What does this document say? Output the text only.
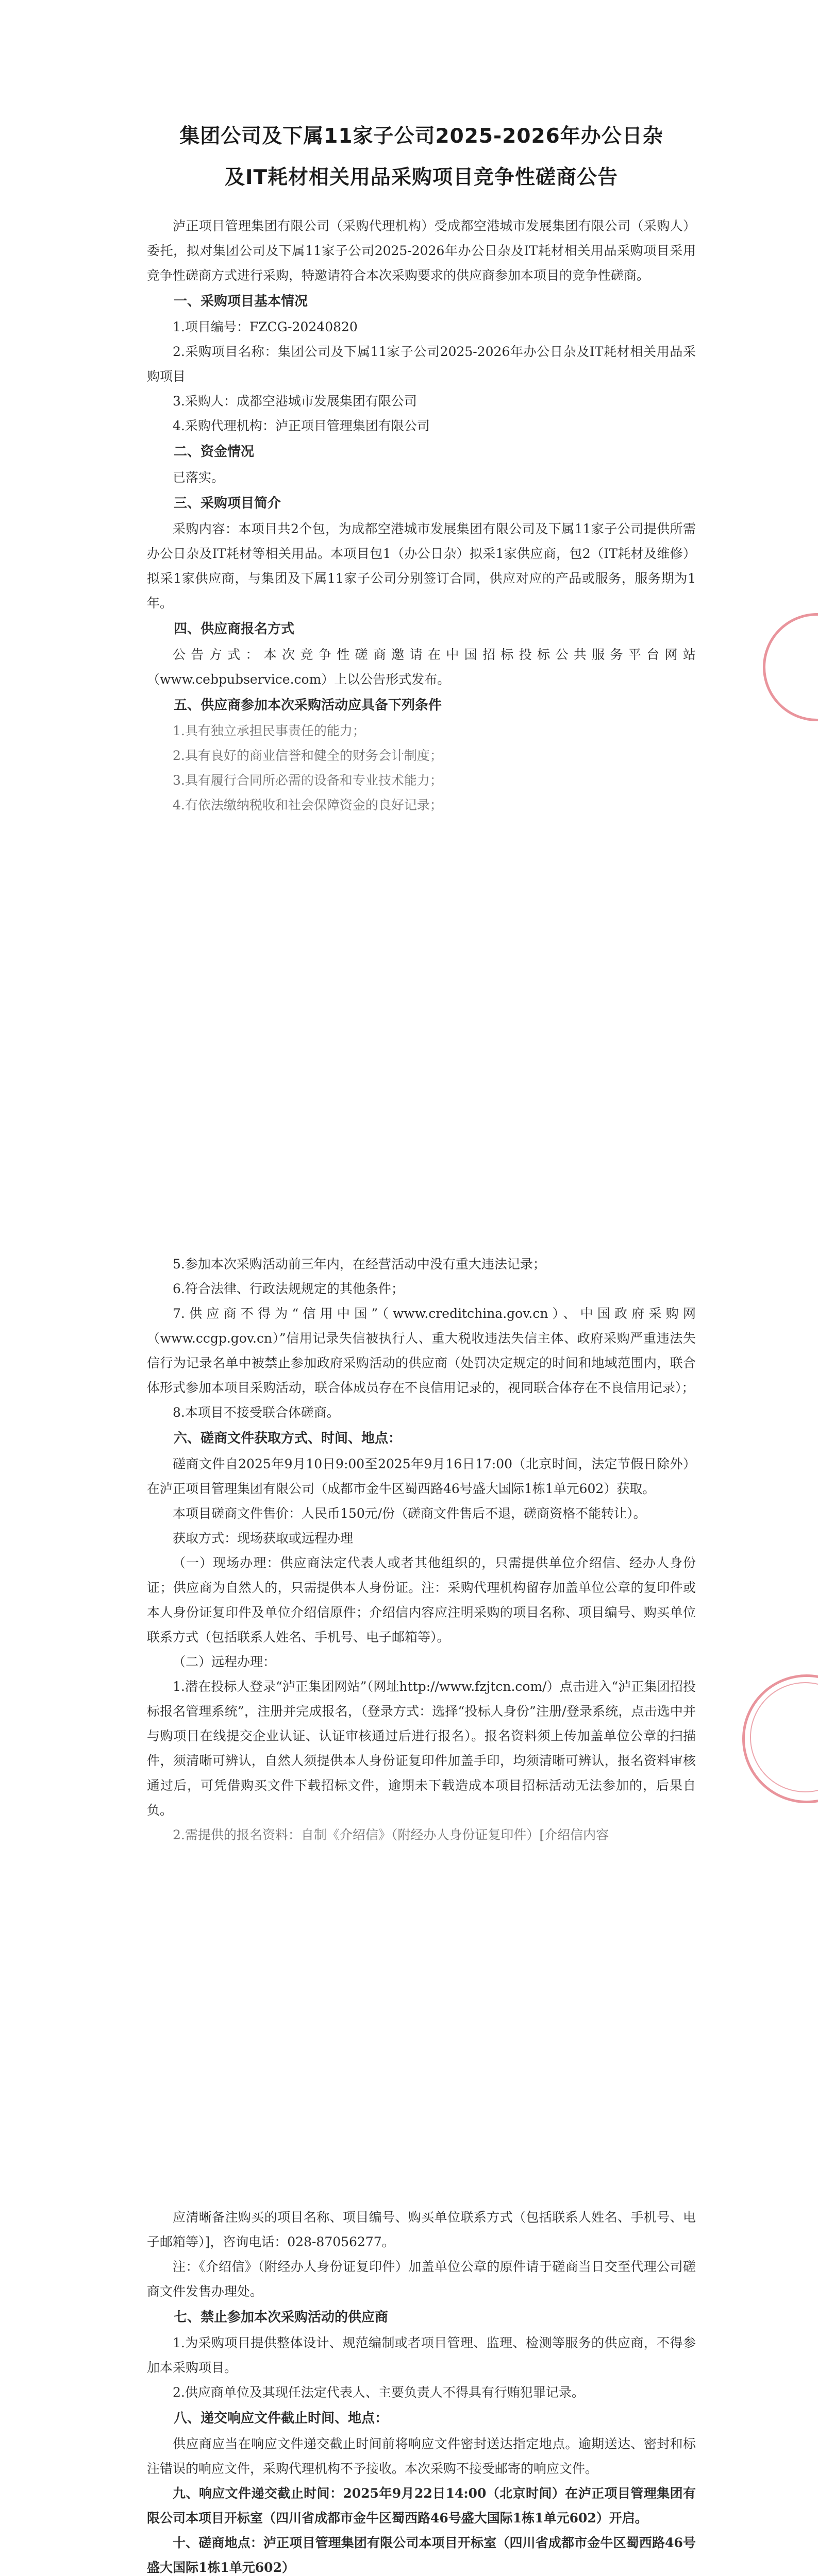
集团公司及下属11家子公司2025-2026年办公日杂

及IT耗材相关用品采购项目竞争性磋商公告

泸正项目管理集团有限公司（采购代理机构）受成都空港城市发展集团有限公司（采购人）委托，拟对集团公司及下属11家子公司2025-2026年办公日杂及IT耗材相关用品采购项目采用竞争性磋商方式进行采购，特邀请符合本次采购要求的供应商参加本项目的竞争性磋商。

一、采购项目基本情况

1.项目编号：FZCG-20240820

2.采购项目名称：集团公司及下属11家子公司2025-2026年办公日杂及IT耗材相关用品采购项目

3.采购人：成都空港城市发展集团有限公司

4.采购代理机构：泸正项目管理集团有限公司

二、资金情况

已落实。

三、采购项目简介

采购内容：本项目共2个包，为成都空港城市发展集团有限公司及下属11家子公司提供所需办公日杂及IT耗材等相关用品。本项目包1（办公日杂）拟采1家供应商，包2（IT耗材及维修）拟采1家供应商，与集团及下属11家子公司分别签订合同，供应对应的产品或服务，服务期为1年。

四、供应商报名方式

公告方式：本次竞争性磋商邀请在中国招标投标公共服务平台网站（www.cebpubservice.com）上以公告形式发布。

五、供应商参加本次采购活动应具备下列条件

1.具有独立承担民事责任的能力；

2.具有良好的商业信誉和健全的财务会计制度；

3.具有履行合同所必需的设备和专业技术能力；

4.有依法缴纳税收和社会保障资金的良好记录；

5.参加本次采购活动前三年内，在经营活动中没有重大违法记录；

6.符合法律、行政法规规定的其他条件；

7.供应商不得为“信用中国”（www.creditchina.gov.cn）、中国政府采购网（www.ccgp.gov.cn）”信用记录失信被执行人、重大税收违法失信主体、政府采购严重违法失信行为记录名单中被禁止参加政府采购活动的供应商（处罚决定规定的时间和地域范围内，联合体形式参加本项目采购活动，联合体成员存在不良信用记录的，视同联合体存在不良信用记录）；

8.本项目不接受联合体磋商。

六、磋商文件获取方式、时间、地点：

磋商文件自2025年9月10日9:00至2025年9月16日17:00（北京时间，法定节假日除外）在泸正项目管理集团有限公司（成都市金牛区蜀西路46号盛大国际1栋1单元602）获取。

本项目磋商文件售价：人民币150元/份（磋商文件售后不退，磋商资格不能转让）。

获取方式：现场获取或远程办理

（一）现场办理：供应商法定代表人或者其他组织的，只需提供单位介绍信、经办人身份证；供应商为自然人的，只需提供本人身份证。注：采购代理机构留存加盖单位公章的复印件或本人身份证复印件及单位介绍信原件；介绍信内容应注明采购的项目名称、项目编号、购买单位联系方式（包括联系人姓名、手机号、电子邮箱等）。

（二）远程办理：

1.潜在投标人登录“泸正集团网站”（网址http://www.fzjtcn.com/）点击进入“泸正集团招投标报名管理系统”，注册并完成报名，（登录方式：选择“投标人身份”注册/登录系统，点击选中并与购项目在线提交企业认证、认证审核通过后进行报名）。报名资料须上传加盖单位公章的扫描件，须清晰可辨认，自然人须提供本人身份证复印件加盖手印，均须清晰可辨认，报名资料审核通过后，可凭借购买文件下载招标文件，逾期未下载造成本项目招标活动无法参加的，后果自负。

2.需提供的报名资料：自制《介绍信》（附经办人身份证复印件）[介绍信内容

应清晰备注购买的项目名称、项目编号、购买单位联系方式（包括联系人姓名、手机号、电子邮箱等）]，咨询电话：028-87056277。

注：《介绍信》（附经办人身份证复印件）加盖单位公章的原件请于磋商当日交至代理公司磋商文件发售办理处。

七、禁止参加本次采购活动的供应商

1.为采购项目提供整体设计、规范编制或者项目管理、监理、检测等服务的供应商，不得参加本采购项目。

2.供应商单位及其现任法定代表人、主要负责人不得具有行贿犯罪记录。

八、递交响应文件截止时间、地点：

供应商应当在响应文件递交截止时间前将响应文件密封送达指定地点。逾期送达、密封和标注错误的响应文件，采购代理机构不予接收。本次采购不接受邮寄的响应文件。

九、响应文件递交截止时间：2025年9月22日14:00（北京时间）在泸正项目管理集团有限公司本项目开标室（四川省成都市金牛区蜀西路46号盛大国际1栋1单元602）开启。

十、磋商地点：泸正项目管理集团有限公司本项目开标室（四川省成都市金牛区蜀西路46号盛大国际1栋1单元602）
